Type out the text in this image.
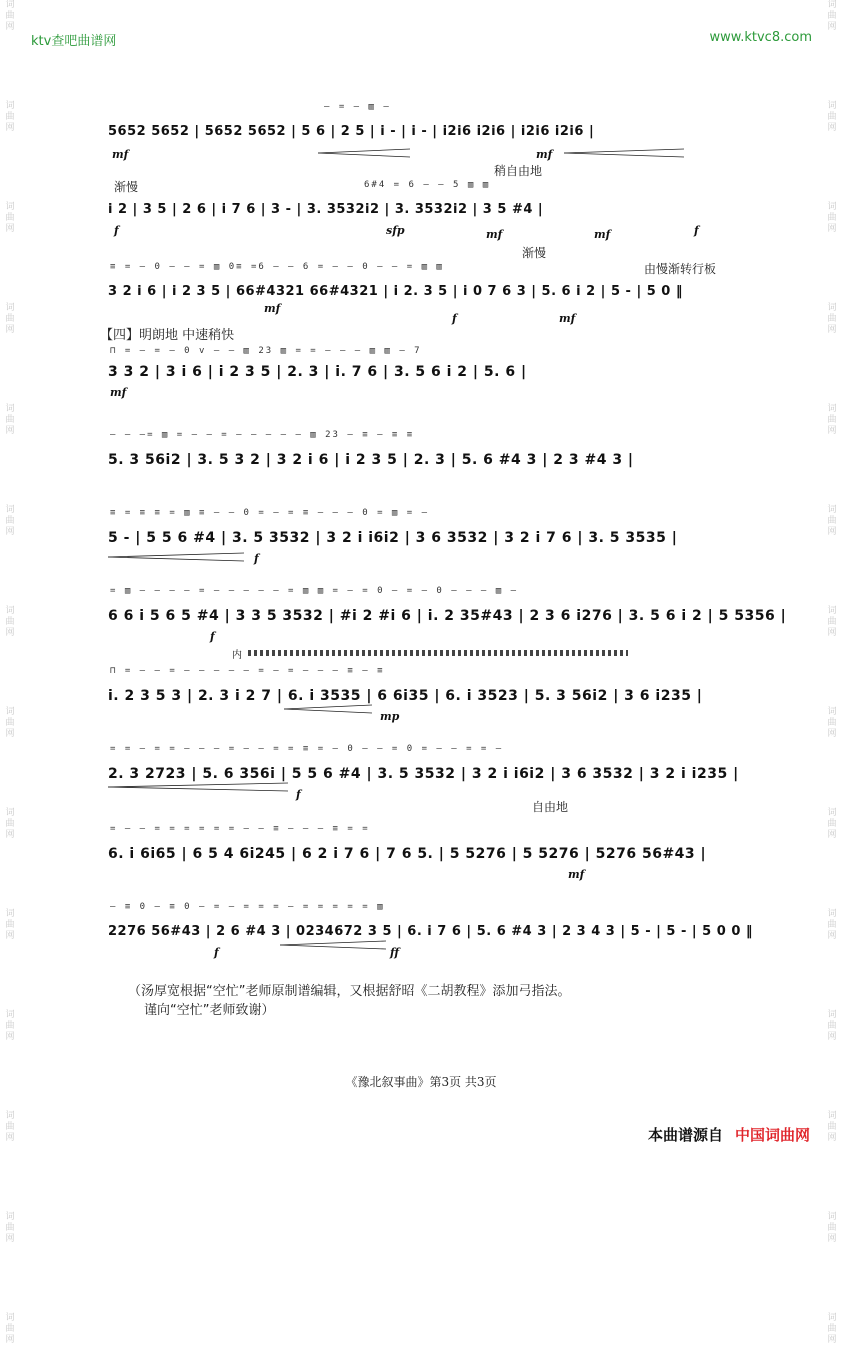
词
曲
网
词
曲
网
词
曲
网
词
曲
网
词
曲
网
词
曲
网
词
曲
网
词
曲
网
词
曲
网
词
曲
网
词
曲
网
词
曲
网
词
曲
网
词
曲
网
词
曲
网
词
曲
网
词
曲
网
词
曲
网
词
曲
网
词
曲
网
词
曲
网
词
曲
网
词
曲
网
词
曲
网
词
曲
网
词
曲
网
词
曲
网
词
曲
网
ktv查吧曲谱网	www.ktvc8.com
– = – ▥ –
5652 5652 | 5652 5652 | 5 6 | 2 5 | i - | i - | i2i6 i2i6 | i2i6 i2i6 |
mf	mf
渐慢
稍自由地
6#4 = 6 – – 5 ▥ ▥
i 2 | 3 5 | 2 6 | i 7 6 | 3 - | 3. 3532i2 | 3. 3532i2 | 3 5 #4 |
f	sfp	mf	mf	f
渐慢
由慢渐转行板
≡ = – 0 – – = ▥ 0≡ =6 – – 6 = – – 0 – – = ▥ ▥
3 2 i 6 | i 2 3 5 | 66#4321 66#4321 | i 2. 3 5 | i 0 7 6 3 | 5. 6 i 2 | 5 - | 5 0 ‖
mf
f	mf
【四】明朗地 中速稍快
⊓ = – = – 0 v – – ▥ 23 ▥ = = – – – ▥ ▥ – 7
3 3 2 | 3 i 6 | i 2 3 5 | 2. 3 | i. 7 6 | 3. 5 6 i 2 | 5. 6 |
mf
– – –= ▥ = – – = – – – – – ▥ 23 – ≡ – ≡ ≡
5. 3 56i2 | 3. 5 3 2 | 3 2 i 6 | i 2 3 5 | 2. 3 | 5. 6 #4 3 | 2 3 #4 3 |
≡ = ≡ ≡ = ▥ ≡ – – 0 = – = ≡ – – – 0 = ▥ = –
5 - | 5 5 6 #4 | 3. 5 3532 | 3 2 i i6i2 | 3 6 3532 | 3 2 i 7 6 | 3. 5 3535 |
f
= ▥ – – – – = – – – – – = ▥ ▥ = – = 0 – = – 0 – – – ▥ –
6 6 i 5 6 5 #4 | 3 3 5 3532 | #i 2 #i 6 | i. 2 35#43 | 2 3 6 i276 | 3. 5 6 i 2 | 5 5356 |
f
内
⊓ = – – = – – – – – = – = – – – ≡ – ≡
i. 2 3 5 3 | 2. 3 i 2 7 | 6. i 3535 | 6 6i35 | 6. i 3523 | 5. 3 56i2 | 3 6 i235 |
mp
= = – = = – – – = – – = = ≡ = – 0 – – = 0 = – – = = –
2. 3 2723 | 5. 6 356i | 5 5 6 #4 | 3. 5 3532 | 3 2 i i6i2 | 3 6 3532 | 3 2 i i235 |
f
自由地
= – – = = = = = = – – ≡ – – – ≡ = =
6. i 6i65 | 6 5 4 6i245 | 6 2 i 7 6 | 7 6 5. | 5 5276 | 5 5276 | 5276 56#43 |
mf
– ≡ 0 – ≡ 0 – = – = = = – = = = = = ▥
2276 56#43 | 2 6 #4 3 | 0234672 3 5 | 6. i 7 6 | 5. 6 #4 3 | 2 3 4 3 | 5 - | 5 - | 5 0 0 ‖
f	ff
（汤厚宽根据“空忙”老师原制谱编辑，又根据舒昭《二胡教程》添加弓指法。
谨向“空忙”老师致谢）
《豫北叙事曲》第3页 共3页
本曲谱源自 中国词曲网
